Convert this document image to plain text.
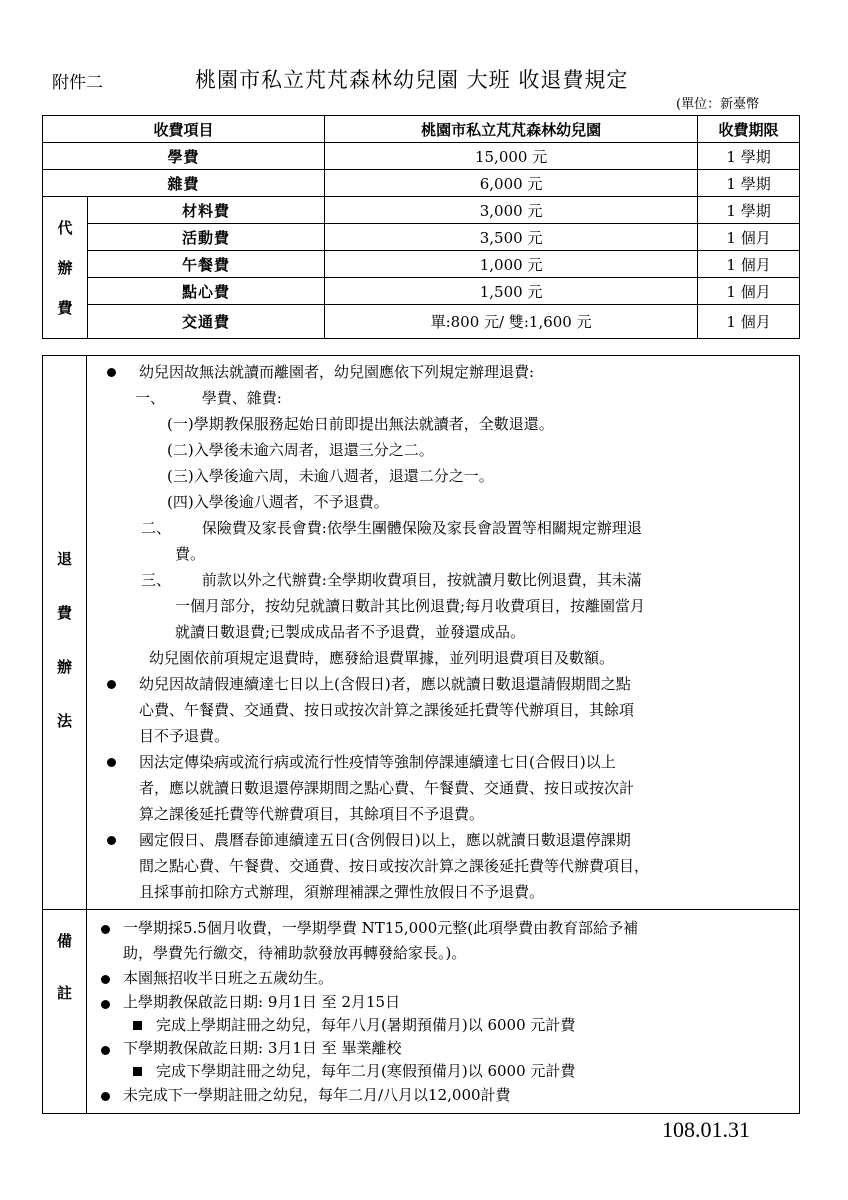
附件二	桃園市私立芃芃森林幼兒園 大班 收退費規定
(單位：新臺幣
收費項目		桃園市私立芃芃森林幼兒園	收費期限
學費		15,000 元	1 學期
雜費		6,000 元	1 學期

代
辦
費	材料費	3,000 元	1 學期
	活動費	3,500 元	1 個月
	午餐費	1,000 元	1 個月
	點心費	1,500 元	1 個月
	交通費	單:800 元/ 雙:1,600 元	1 個月
退
費
辦
法
幼兒因故無法就讀而離園者，幼兒園應依下列規定辦理退費:
一、 學費、雜費:
(一)學期教保服務起始日前即提出無法就讀者，全數退還。
(二)入學後未逾六周者，退還三分之二。
(三)入學後逾六周，未逾八週者，退還二分之一。
(四)入學後逾八週者，不予退費。
二、 保險費及家長會費:依學生團體保險及家長會設置等相關規定辦理退
費。
三、 前款以外之代辦費:全學期收費項目，按就讀月數比例退費，其未滿
一個月部分，按幼兒就讀日數計其比例退費;每月收費項目，按離園當月
就讀日數退費;已製成成品者不予退費，並發還成品。
幼兒園依前項規定退費時，應發給退費單據，並列明退費項目及數額。
幼兒因故請假連續達七日以上(含假日)者，應以就讀日數退還請假期間之點
心費、午餐費、交通費、按日或按次計算之課後延托費等代辦項目，其餘項
目不予退費。
因法定傳染病或流行病或流行性疫情等強制停課連續達七日(合假日)以上
者，應以就讀日數退還停課期間之點心費、午餐費、交通費、按日或按次計
算之課後延托費等代辦費項目，其餘項目不予退費。
國定假日、農曆春節連續達五日(含例假日)以上，應以就讀日數退還停課期
間之點心費、午餐費、交通費、按日或按次計算之課後延托費等代辦費項目，
且採事前扣除方式辦理，須辦理補課之彈性放假日不予退費。
備
註
一學期採5.5個月收費，一學期學費 NT15,000元整(此項學費由教育部給予補
助，學費先行繳交，待補助款發放再轉發給家長。)。
本園無招收半日班之五歲幼生。
上學期教保啟訖日期: 9月1日 至 2月15日
完成上學期註冊之幼兒，每年八月(暑期預備月)以 6000 元計費
下學期教保啟訖日期: 3月1日 至 畢業離校
完成下學期註冊之幼兒，每年二月(寒假預備月)以 6000 元計費
未完成下一學期註冊之幼兒，每年二月/八月以12,000計費
108.01.31
